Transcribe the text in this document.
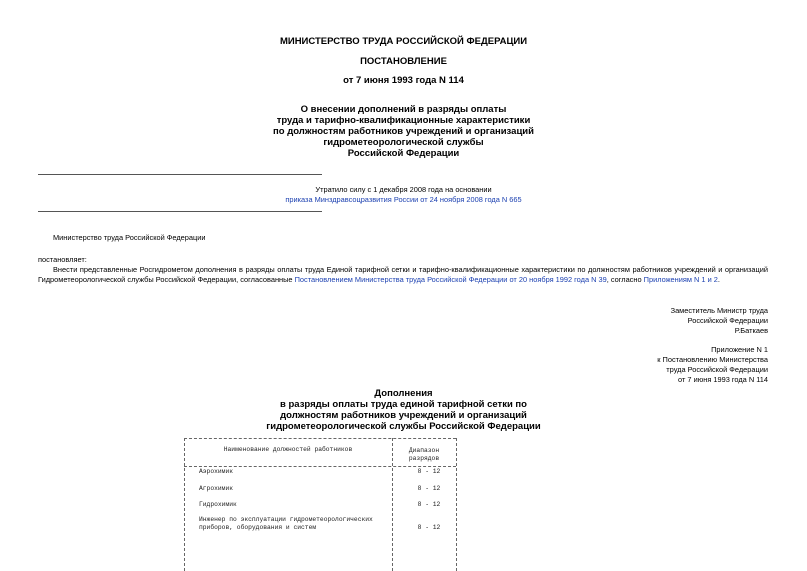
МИНИСТЕРСТВО ТРУДА РОССИЙСКОЙ ФЕДЕРАЦИИ
ПОСТАНОВЛЕНИЕ
от 7 июня 1993 года N 114
О внесении дополнений в разряды оплаты
труда и тарифно-квалификационные характеристики
по должностям работников учреждений и организаций
гидрометеорологической службы
Российской Федерации
Утратило силу с 1 декабря 2008 года на основании
приказа Минздравсоцразвития России от 24 ноября 2008 года N 665
Министерство труда Российской Федерации
постановляет:
Внести представленные Росгидрометом дополнения в разряды оплаты труда Единой тарифной сетки и тарифно-квалификационные характеристики по должностям работников учреждений и организаций
Гидрометеорологической службы Российской Федерации, согласованные Постановлением Министерства труда Российской Федерации от 20 ноября 1992 года N 39, согласно Приложениям N 1 и 2.
Заместитель Министр труда
Российской Федерации
Р.Баткаев
Приложение N 1
к Постановлению Министерства
труда Российской Федерации
от 7 июня 1993 года N 114
Дополнения
в разряды оплаты труда единой тарифной сетки по
должностям работников учреждений и организаций
гидрометеорологической службы Российской Федерации
Наименование должностей работников	Диапазон
разрядов
Аэрохимик	8 - 12
Агрохимик	8 - 12
Гидрохимик	8 - 12
Инженер по эксплуатации гидрометеорологических
приборов, оборудования и систем	8 - 12
